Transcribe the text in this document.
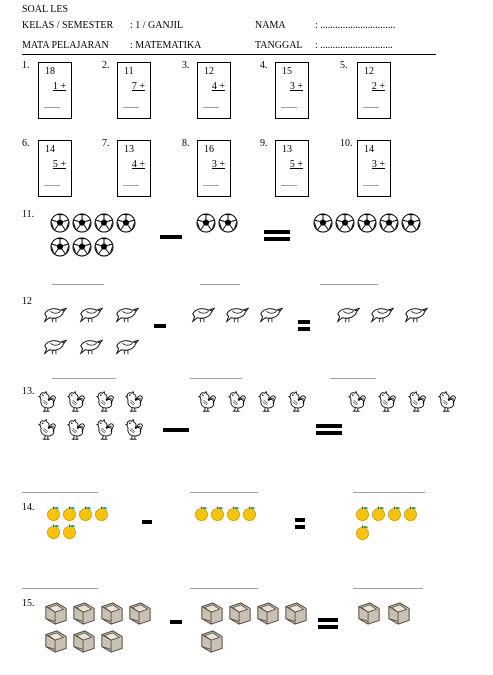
SOAL LES
KELAS / SEMESTER : 1 / GANJIL
MATA PELAJARAN : MATEMATIKA
NAMA	: ..............................
TANGGAL : .............................
1.
18
1 +
........
2.
11
7 +
........
3.
12
4 +
........
4.
15
3 +
........
5.
12
2 +
........
6.
14
5 +
........
7.
13
4 +
........
8.
16
3 +
........
9.
13
5 +
........
10.
14
3 +
........
11.
..........................	....................	.............................
12
................................	..........................	.......................
13.
......................................	..................................	....................................
14.
......................................	..................................	...................................
15.
